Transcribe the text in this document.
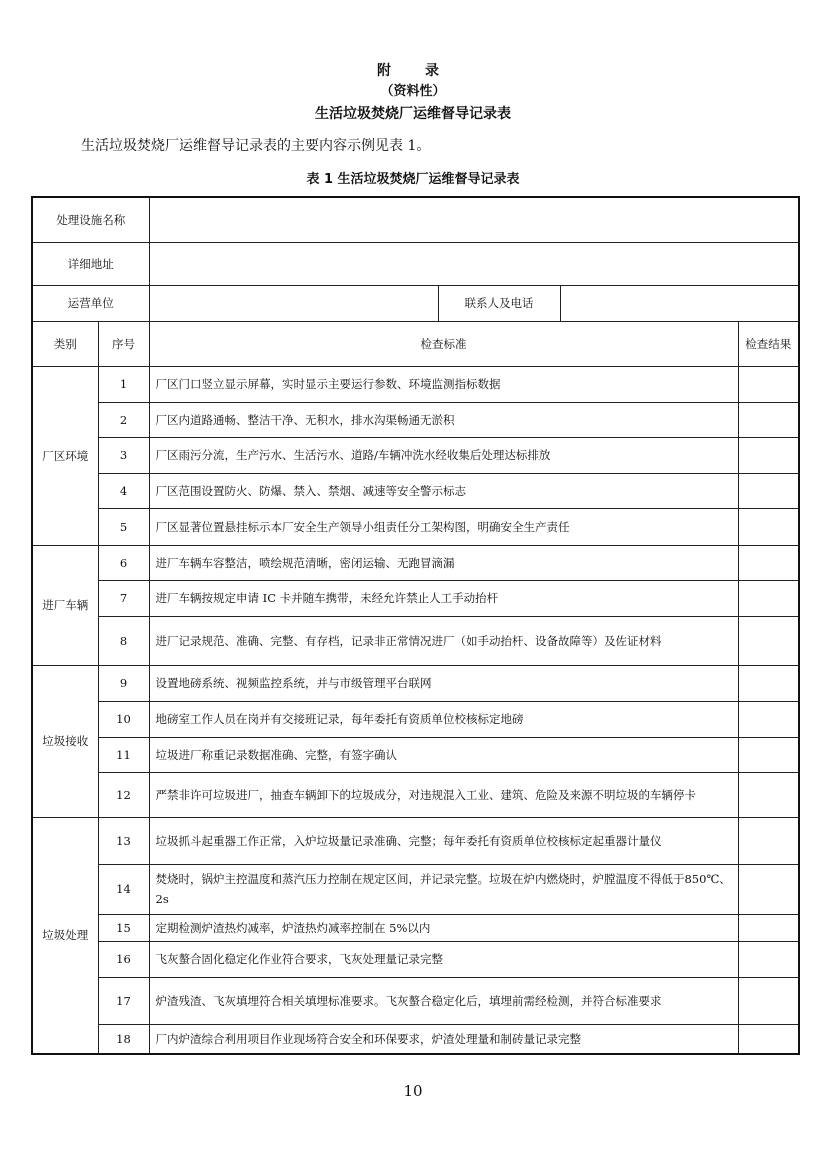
附　录
（资料性）
生活垃圾焚烧厂运维督导记录表
生活垃圾焚烧厂运维督导记录表的主要内容示例见表 1。
表 1 生活垃圾焚烧厂运维督导记录表
处理设施名称					
详细地址					
运营单位			联系人及电话		
类别	序号	检查标准			检查结果
厂区环境	1	厂区门口竖立显示屏幕，实时显示主要运行参数、环境监测指标数据			
	2	厂区内道路通畅、整洁干净、无积水，排水沟渠畅通无淤积			
	3	厂区雨污分流，生产污水、生活污水、道路/车辆冲洗水经收集后处理达标排放			
	4	厂区范围设置防火、防爆、禁入、禁烟、减速等安全警示标志			
	5	厂区显著位置悬挂标示本厂安全生产领导小组责任分工架构图，明确安全生产责任			
进厂车辆	6	进厂车辆车容整洁，喷绘规范清晰，密闭运输、无跑冒滴漏			
	7	进厂车辆按规定申请 IC 卡并随车携带，未经允许禁止人工手动抬杆			
	8	进厂记录规范、准确、完整、有存档，记录非正常情况进厂（如手动抬杆、设备故障等）及佐证材料			
垃圾接收	9	设置地磅系统、视频监控系统，并与市级管理平台联网			
	10	地磅室工作人员在岗并有交接班记录，每年委托有资质单位校核标定地磅			
	11	垃圾进厂称重记录数据准确、完整，有签字确认			
	12	严禁非许可垃圾进厂，抽查车辆卸下的垃圾成分，对违规混入工业、建筑、危险及来源不明垃圾的车辆停卡			
垃圾处理	13	垃圾抓斗起重器工作正常，入炉垃圾量记录准确、完整；每年委托有资质单位校核标定起重器计量仪			
	14	焚烧时，锅炉主控温度和蒸汽压力控制在规定区间，并记录完整。垃圾在炉内燃烧时，炉膛温度不得低于850℃、2s			
	15	定期检测炉渣热灼减率，炉渣热灼减率控制在 5%以内			
	16	飞灰螯合固化稳定化作业符合要求，飞灰处理量记录完整			
	17	炉渣残渣、飞灰填埋符合相关填埋标准要求。飞灰螯合稳定化后，填埋前需经检测，并符合标准要求			
	18	厂内炉渣综合利用项目作业现场符合安全和环保要求，炉渣处理量和制砖量记录完整			
10
